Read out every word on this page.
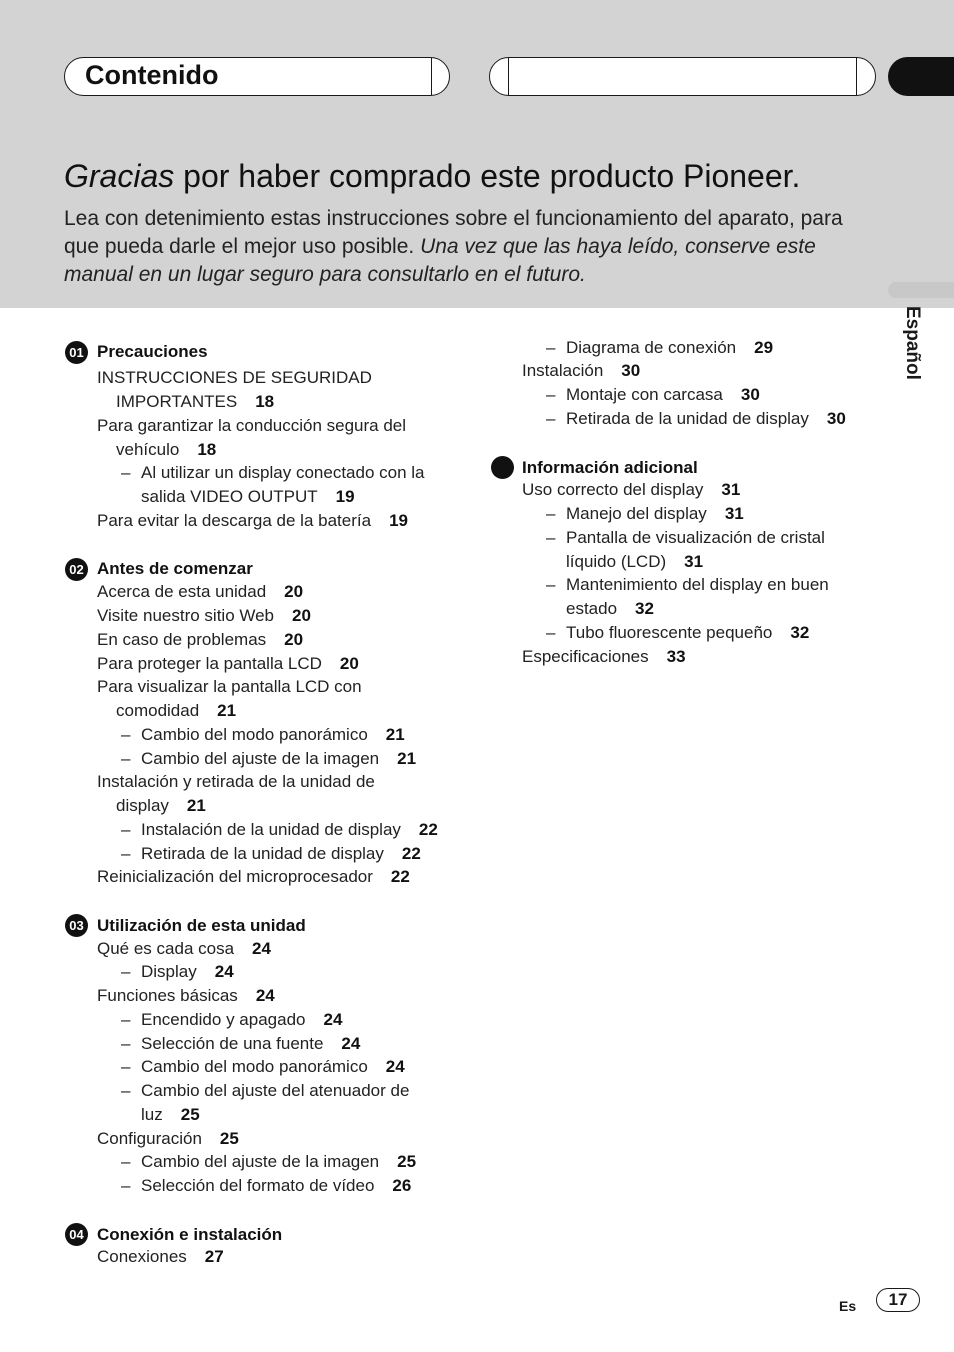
Contenido
Español
Gracias por haber comprado este producto Pioneer.
Lea con detenimiento estas instrucciones sobre el funcionamiento del aparato, para que pueda darle el mejor uso posible. Una vez que las haya leído, conserve este manual en un lugar seguro para consultarlo en el futuro.
01 Precauciones
INSTRUCCIONES DE SEGURIDAD
IMPORTANTES 18
Para garantizar la conducción segura del
vehículo 18
– Al utilizar un display conectado con la
salida VIDEO OUTPUT 19
Para evitar la descarga de la batería 19
02 Antes de comenzar
Acerca de esta unidad 20
Visite nuestro sitio Web 20
En caso de problemas 20
Para proteger la pantalla LCD 20
Para visualizar la pantalla LCD con
comodidad 21
– Cambio del modo panorámico 21
– Cambio del ajuste de la imagen 21
Instalación y retirada de la unidad de
display 21
– Instalación de la unidad de display 22
– Retirada de la unidad de display 22
Reinicialización del microprocesador 22
03 Utilización de esta unidad
Qué es cada cosa 24
– Display 24
Funciones básicas 24
– Encendido y apagado 24
– Selección de una fuente 24
– Cambio del modo panorámico 24
– Cambio del ajuste del atenuador de
luz 25
Configuración 25
– Cambio del ajuste de la imagen 25
– Selección del formato de vídeo 26
04 Conexión e instalación
Conexiones 27
– Diagrama de conexión 29
Instalación 30
– Montaje con carcasa 30
– Retirada de la unidad de display 30
Información adicional
Uso correcto del display 31
– Manejo del display 31
– Pantalla de visualización de cristal
líquido (LCD) 31
– Mantenimiento del display en buen
estado 32
– Tubo fluorescente pequeño 32
Especificaciones 33
Es	17
